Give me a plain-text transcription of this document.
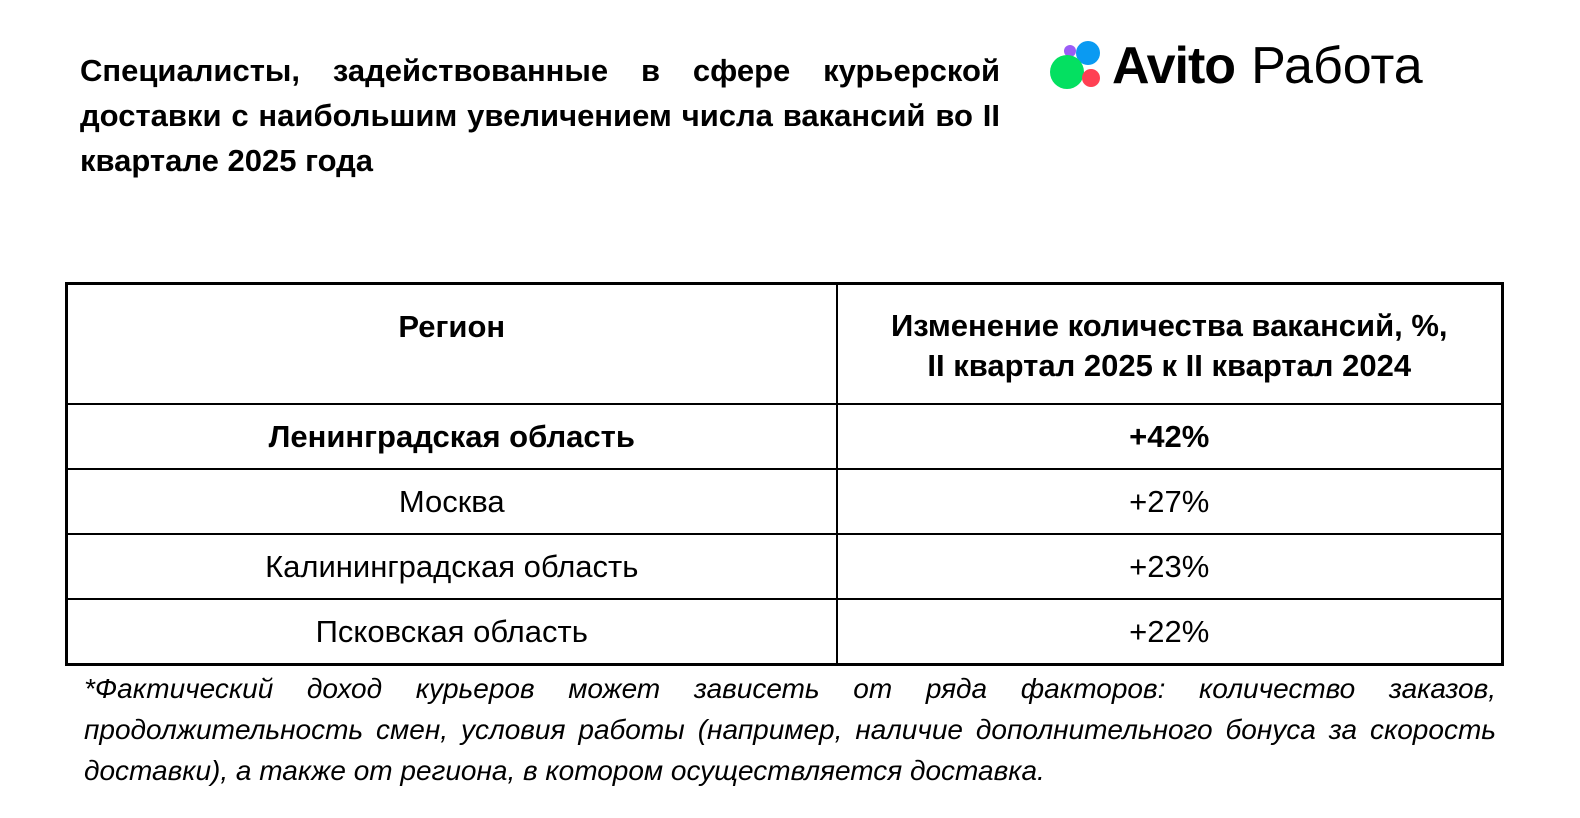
Специалисты, задействованные в сфере курьерской доставки с наибольшим увеличением числа вакансий во II квартале 2025 года
Avito Работа
Регион	Изменение количества вакансий, %,
II квартал 2025 к II квартал 2024
Ленинградская область	+42%
Москва	+27%
Калининградская область	+23%
Псковская область	+22%

*Фактический доход курьеров может зависеть от ряда факторов: количество заказов, продолжительность смен, условия работы (например, наличие дополнительного бонуса за скорость доставки), а также от региона, в котором осуществляется доставка.
